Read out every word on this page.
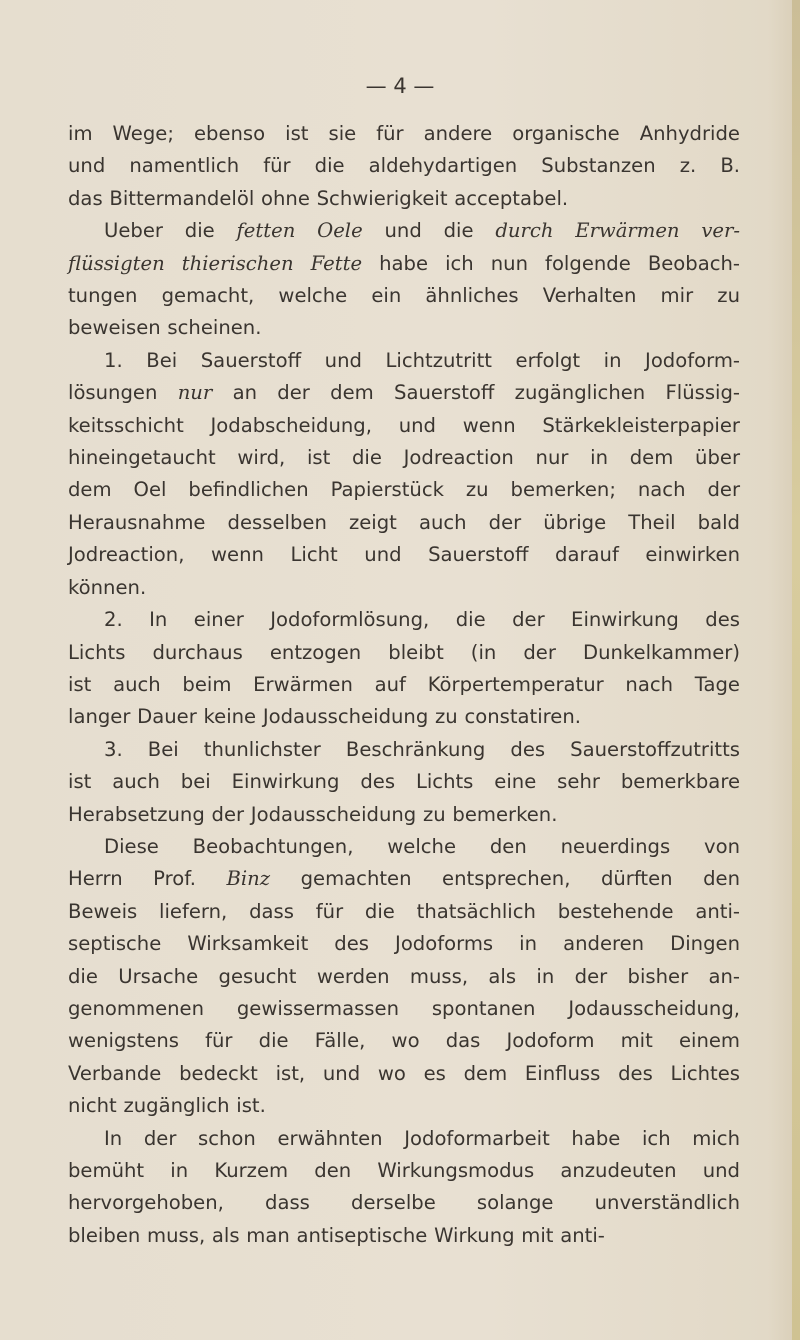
— 4 —
im Wege; ebenso ist sie für andere organische Anhydride
und namentlich für die aldehydartigen Substanzen z. B.
das Bittermandelöl ohne Schwierigkeit acceptabel.
Ueber die fetten Oele und die durch Erwärmen ver-
flüssigten thierischen Fette habe ich nun folgende Beobach-
tungen gemacht, welche ein ähnliches Verhalten mir zu
beweisen scheinen.
1. Bei Sauerstoff und Lichtzutritt erfolgt in Jodoform-
lösungen nur an der dem Sauerstoff zugänglichen Flüssig-
keitsschicht Jodabscheidung, und wenn Stärkekleisterpapier
hineingetaucht wird, ist die Jodreaction nur in dem über
dem Oel befindlichen Papierstück zu bemerken; nach der
Herausnahme desselben zeigt auch der übrige Theil bald
Jodreaction, wenn Licht und Sauerstoff darauf einwirken
können.
2. In einer Jodoformlösung, die der Einwirkung des
Lichts durchaus entzogen bleibt (in der Dunkelkammer)
ist auch beim Erwärmen auf Körpertemperatur nach Tage
langer Dauer keine Jodausscheidung zu constatiren.
3. Bei thunlichster Beschränkung des Sauerstoffzutritts
ist auch bei Einwirkung des Lichts eine sehr bemerkbare
Herabsetzung der Jodausscheidung zu bemerken.
Diese Beobachtungen, welche den neuerdings von
Herrn Prof. Binz gemachten entsprechen, dürften den
Beweis liefern, dass für die thatsächlich bestehende anti-
septische Wirksamkeit des Jodoforms in anderen Dingen
die Ursache gesucht werden muss, als in der bisher an-
genommenen gewissermassen spontanen Jodausscheidung,
wenigstens für die Fälle, wo das Jodoform mit einem
Verbande bedeckt ist, und wo es dem Einfluss des Lichtes
nicht zugänglich ist.
In der schon erwähnten Jodoformarbeit habe ich mich
bemüht in Kurzem den Wirkungsmodus anzudeuten und
hervorgehoben, dass derselbe solange unverständlich
bleiben muss, als man antiseptische Wirkung mit anti-
